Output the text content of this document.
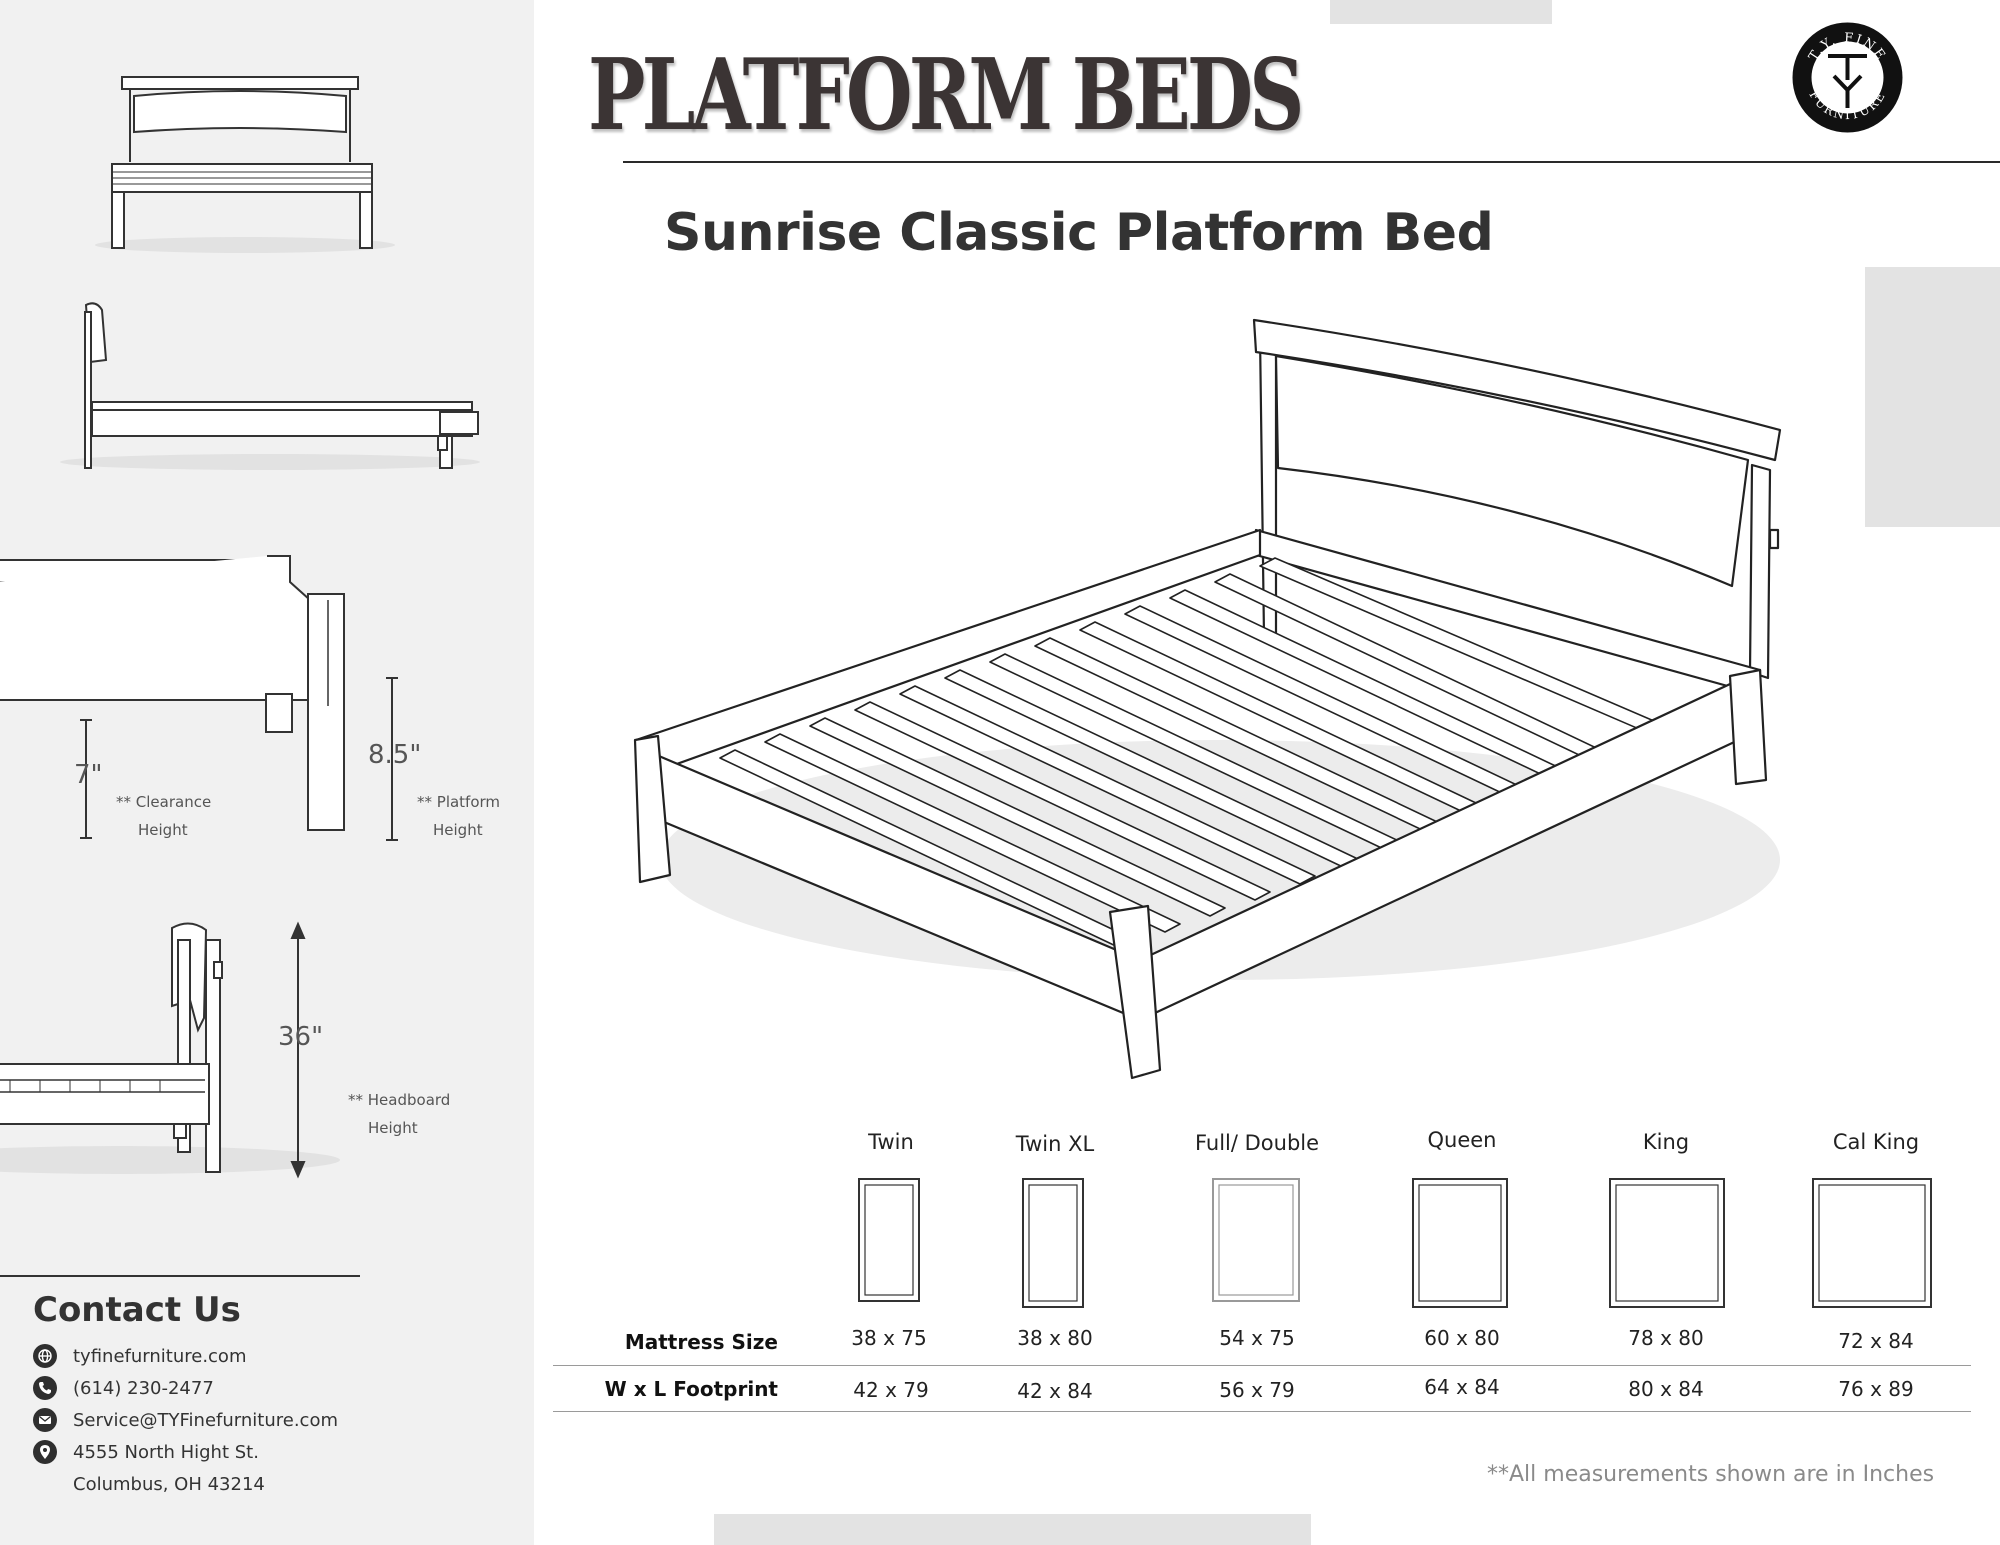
7"
** Clearance
Height
8.5"
** Platform
Height
36"
** Headboard
Height
Contact Us
tyfinefurniture.com
(614) 230-2477
Service@TYFinefurniture.com
4555 North Hight St.
Columbus, OH 43214
PLATFORM BEDS	T.Y. FINE
FURNITURE
Sunrise Classic Platform Bed
Twin	Twin XL	Full/ Double	Queen	King	Cal King
Mattress Size	38 x 75	38 x 80	54 x 75	60 x 80	78 x 80	72 x 84
W x L Footprint	42 x 79	42 x 84	56 x 79	64 x 84	80 x 84	76 x 89
**All measurements shown are in Inches
